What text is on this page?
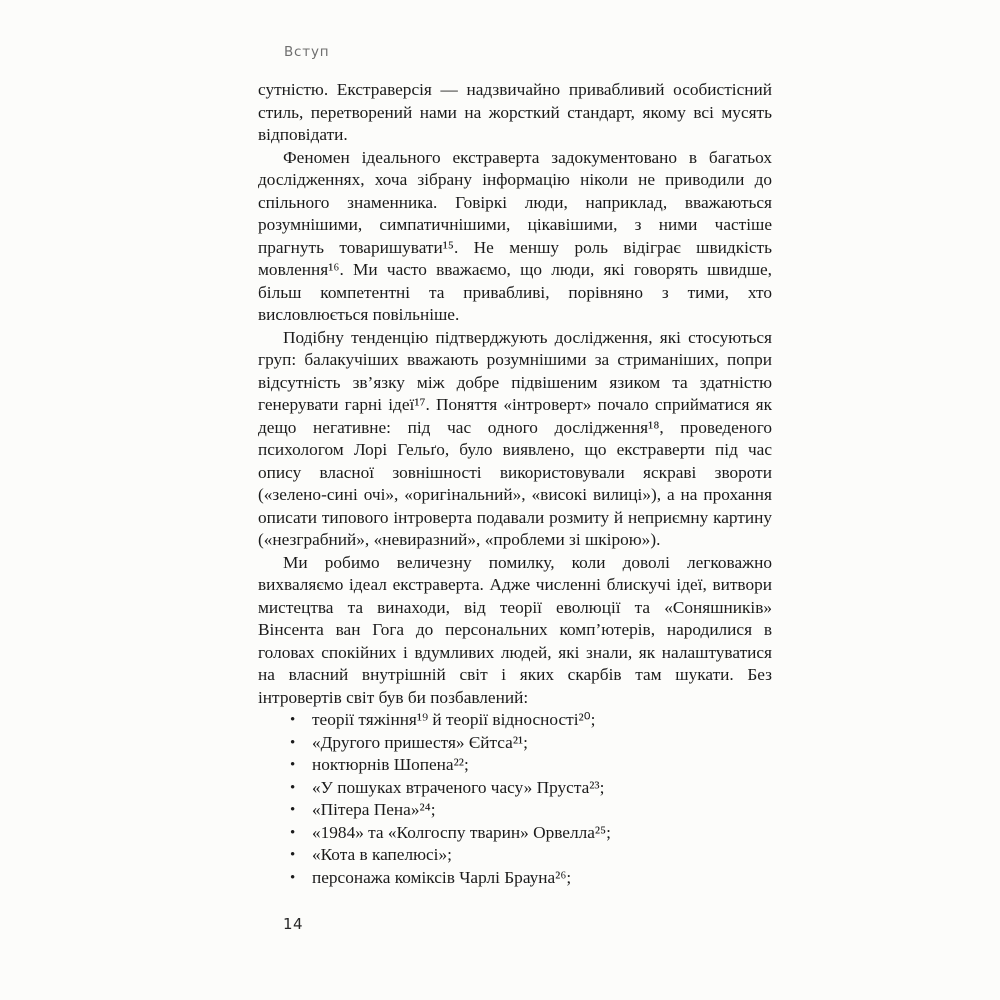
Вступ

сутністю. Екстраверсія — надзвичайно привабливий особистісний стиль, перетворений нами на жорсткий стандарт, якому всі мусять відповідати.

Феномен ідеального екстраверта задокументовано в багатьох дослідженнях, хоча зібрану інформацію ніколи не приводили до спільного знаменника. Говіркі люди, наприклад, вважаються розумнішими, симпатичнішими, цікавішими, з ними частіше прагнуть товаришувати¹⁵. Не меншу роль відіграє швидкість мовлення¹⁶. Ми часто вважаємо, що люди, які говорять швидше, більш компетентні та привабливі, порівняно з тими, хто висловлюється повільніше.

Подібну тенденцію підтверджують дослідження, які стосуються груп: балакучіших вважають розумнішими за стриманіших, попри відсутність зв’язку між добре підвішеним язиком та здатністю генерувати гарні ідеї¹⁷. Поняття «інтроверт» почало сприйматися як дещо негативне: під час одного дослідження¹⁸, проведеного психологом Лорі Гельґо, було виявлено, що екстраверти під час опису власної зовнішності використовували яскраві звороти («зелено-сині очі», «оригінальний», «високі вилиці»), а на прохання описати типового інтроверта подавали розмиту й неприємну картину («незграбний», «невиразний», «проблеми зі шкірою»).

Ми робимо величезну помилку, коли доволі легковажно вихваляємо ідеал екстраверта. Адже численні блискучі ідеї, витвори мистецтва та винаходи, від теорії еволюції та «Соняшників» Вінсента ван Гога до персональних комп’ютерів, народилися в головах спокійних і вдумливих людей, які знали, як налаштуватися на власний внутрішній світ і яких скарбів там шукати. Без інтровертів світ був би позбавлений:

• теорії тяжіння¹⁹ й теорії відносності²⁰;
• «Другого пришестя» Єйтса²¹;
• ноктюрнів Шопена²²;
• «У пошуках втраченого часу» Пруста²³;
• «Пітера Пена»²⁴;
• «1984» та «Колгоспу тварин» Орвелла²⁵;
• «Кота в капелюсі»;
• персонажа коміксів Чарлі Брауна²⁶;
14
